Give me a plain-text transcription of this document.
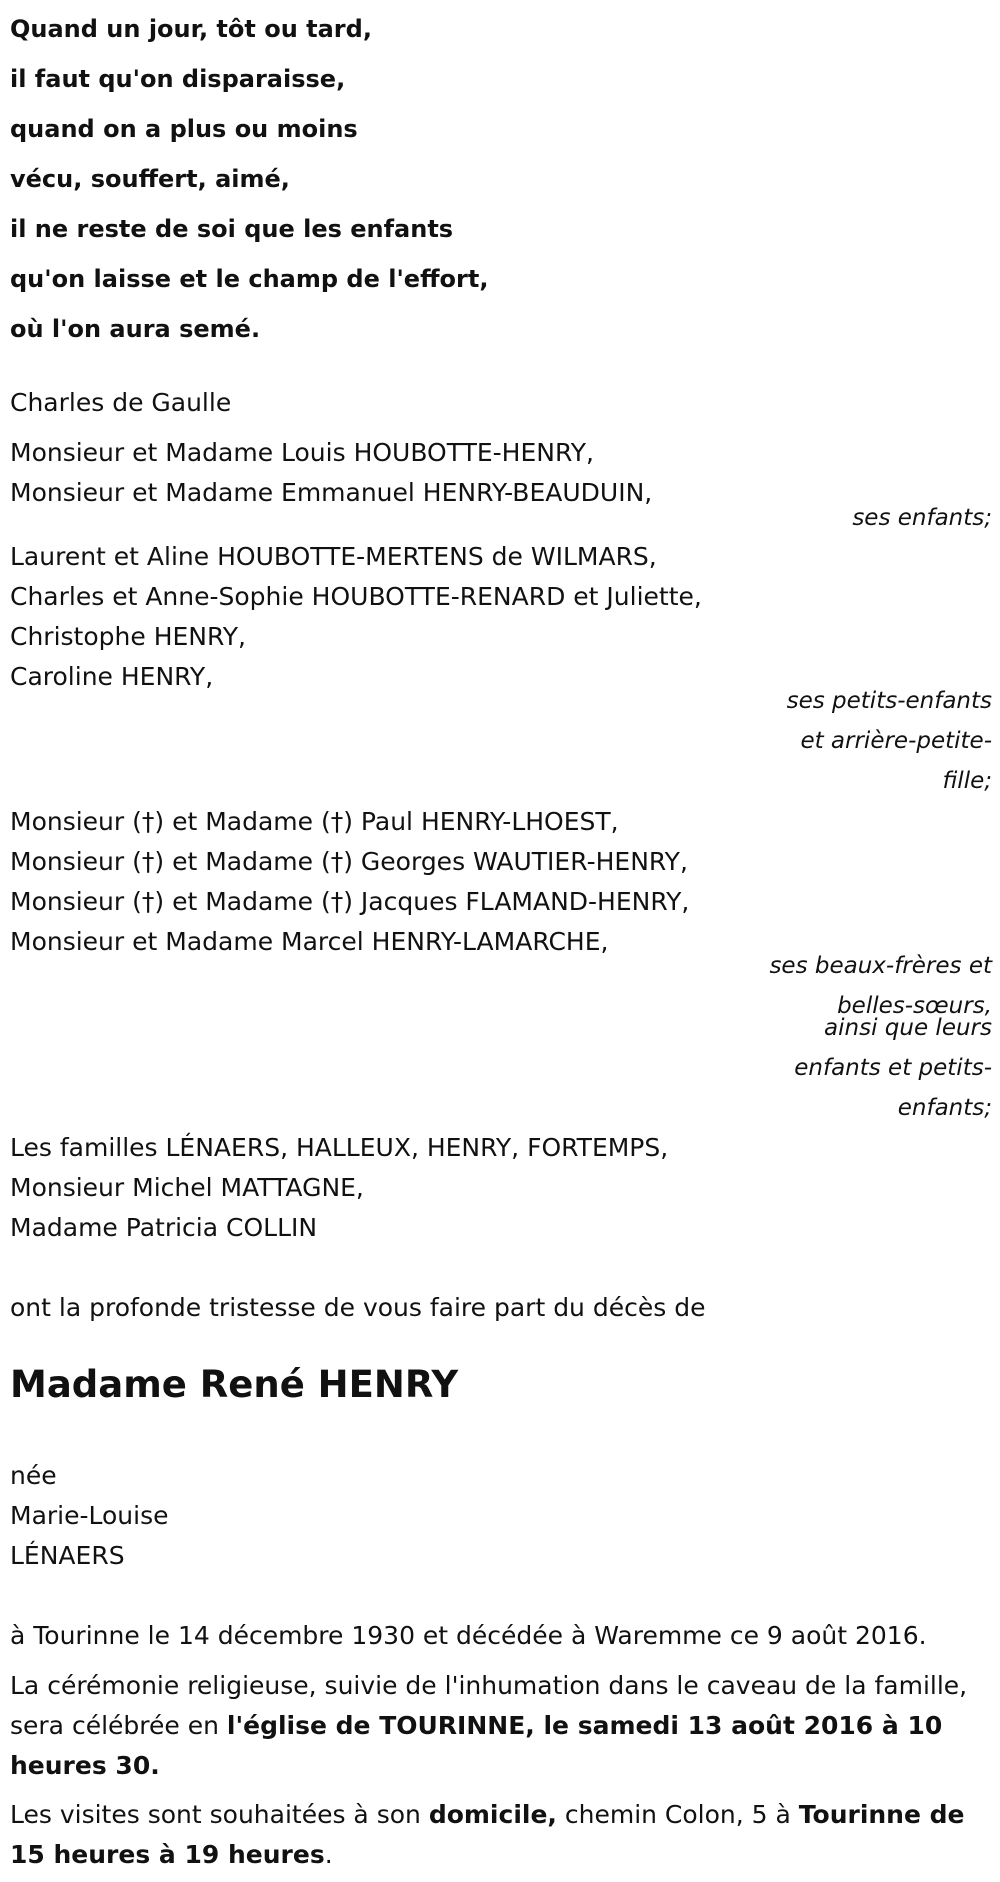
Quand un jour, tôt ou tard,
il faut qu'on disparaisse,
quand on a plus ou moins
vécu, souffert, aimé,
il ne reste de soi que les enfants
qu'on laisse et le champ de l'effort,
où l'on aura semé.
Charles de Gaulle
Monsieur et Madame Louis HOUBOTTE-HENRY,
Monsieur et Madame Emmanuel HENRY-BEAUDUIN,
ses enfants;
Laurent et Aline HOUBOTTE-MERTENS de WILMARS,
Charles et Anne-Sophie HOUBOTTE-RENARD et Juliette,
Christophe HENRY,
Caroline HENRY,
ses petits-enfants
et arrière-petite-
fille;
Monsieur (†) et Madame (†) Paul HENRY-LHOEST,
Monsieur (†) et Madame (†) Georges WAUTIER-HENRY,
Monsieur (†) et Madame (†) Jacques FLAMAND-HENRY,
Monsieur et Madame Marcel HENRY-LAMARCHE,
ses beaux-frères et
belles-sœurs,
ainsi que leurs
enfants et petits-
enfants;
Les familles LÉNAERS, HALLEUX, HENRY, FORTEMPS,
Monsieur Michel MATTAGNE,
Madame Patricia COLLIN
ont la profonde tristesse de vous faire part du décès de
Madame René HENRY
née
Marie-Louise
LÉNAERS
à Tourinne le 14 décembre 1930 et décédée à Waremme ce 9 août 2016.
La cérémonie religieuse, suivie de l'inhumation dans le caveau de la famille, sera célébrée en l'église de TOURINNE, le samedi 13 août 2016 à 10 heures 30.
Les visites sont souhaitées à son domicile, chemin Colon, 5 à Tourinne de 15 heures à 19 heures.
